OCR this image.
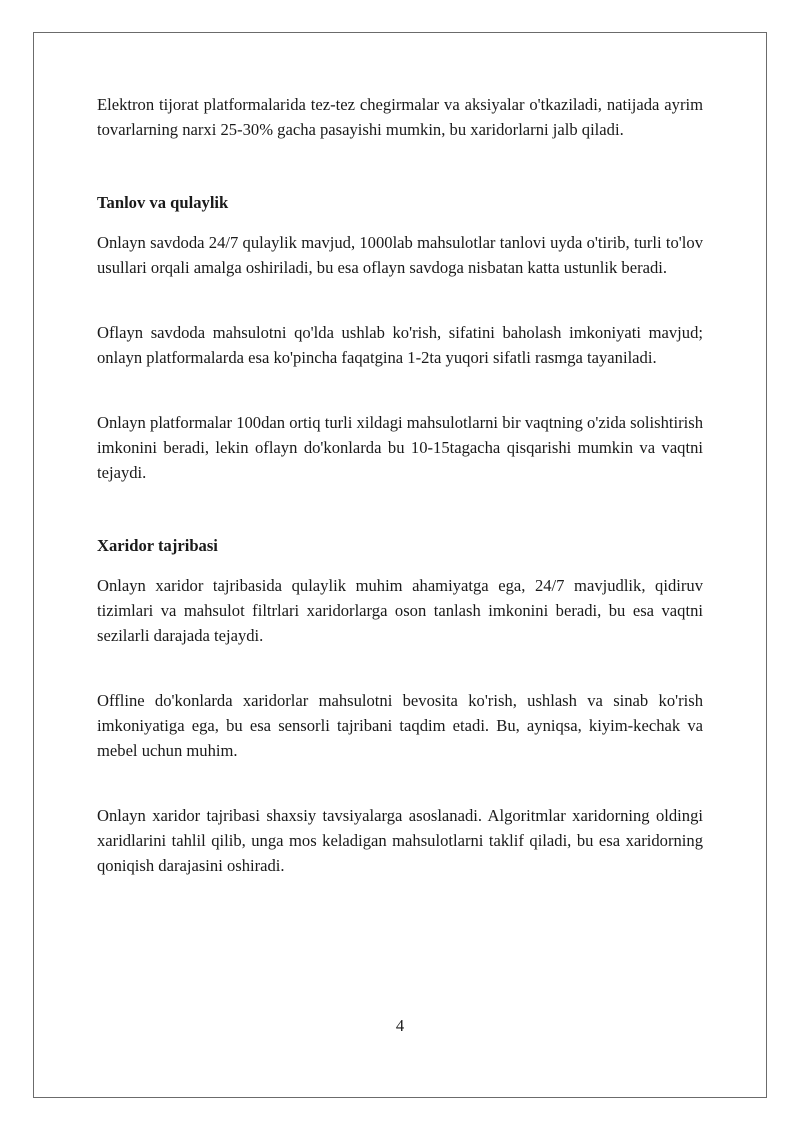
Elektron tijorat platformalarida tez-tez chegirmalar va aksiyalar o'tkaziladi, natijada ayrim tovarlarning narxi 25-30% gacha pasayishi mumkin, bu xaridorlarni jalb qiladi.

Tanlov va qulaylik

Onlayn savdoda 24/7 qulaylik mavjud, 1000lab mahsulotlar tanlovi uyda o'tirib, turli to'lov usullari orqali amalga oshiriladi, bu esa oflayn savdoga nisbatan katta ustunlik beradi.

Oflayn savdoda mahsulotni qo'lda ushlab ko'rish, sifatini baholash imkoniyati mavjud; onlayn platformalarda esa ko'pincha faqatgina 1-2ta yuqori sifatli rasmga tayaniladi.

Onlayn platformalar 100dan ortiq turli xildagi mahsulotlarni bir vaqtning o'zida solishtirish imkonini beradi, lekin oflayn do'konlarda bu 10-15tagacha qisqarishi mumkin va vaqtni tejaydi.

Xaridor tajribasi

Onlayn xaridor tajribasida qulaylik muhim ahamiyatga ega, 24/7 mavjudlik, qidiruv tizimlari va mahsulot filtrlari xaridorlarga oson tanlash imkonini beradi, bu esa vaqtni sezilarli darajada tejaydi.

Offline do'konlarda xaridorlar mahsulotni bevosita ko'rish, ushlash va sinab ko'rish imkoniyatiga ega, bu esa sensorli tajribani taqdim etadi. Bu, ayniqsa, kiyim-kechak va mebel uchun muhim.

Onlayn xaridor tajribasi shaxsiy tavsiyalarga asoslanadi. Algoritmlar xaridorning oldingi xaridlarini tahlil qilib, unga mos keladigan mahsulotlarni taklif qiladi, bu esa xaridorning qoniqish darajasini oshiradi.

4
